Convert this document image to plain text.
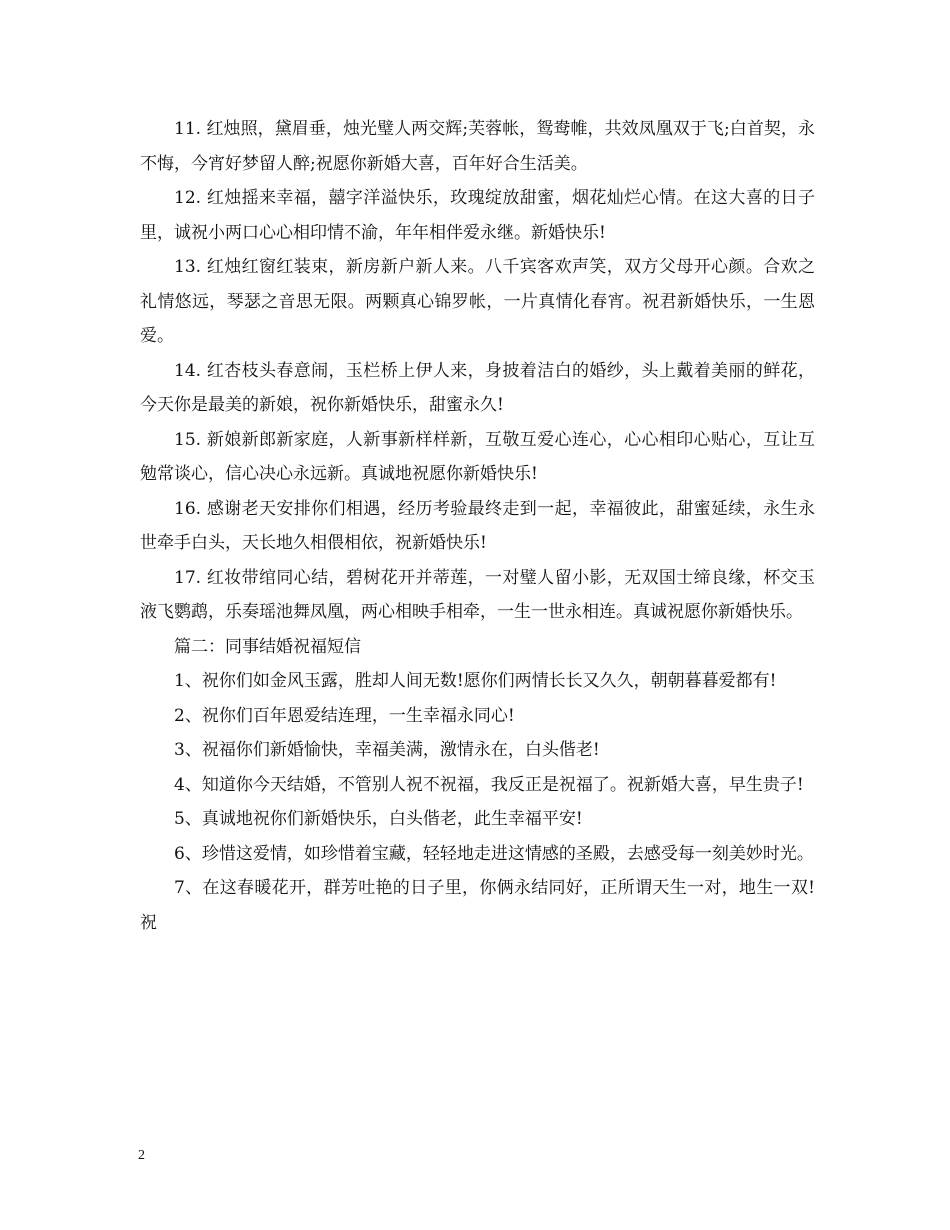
11. 红烛照，黛眉垂，烛光璧人两交辉;芙蓉帐，鸳鸯帷，共效凤凰双于飞;白首契，永不悔，今宵好梦留人醉;祝愿你新婚大喜，百年好合生活美。

12. 红烛摇来幸福，囍字洋溢快乐，玫瑰绽放甜蜜，烟花灿烂心情。在这大喜的日子里，诚祝小两口心心相印情不渝，年年相伴爱永继。新婚快乐!

13. 红烛红窗红装束，新房新户新人来。八千宾客欢声笑，双方父母开心颜。合欢之礼情悠远，琴瑟之音思无限。两颗真心锦罗帐，一片真情化春宵。祝君新婚快乐，一生恩爱。

14. 红杏枝头春意闹，玉栏桥上伊人来，身披着洁白的婚纱，头上戴着美丽的鲜花，今天你是最美的新娘，祝你新婚快乐，甜蜜永久!

15. 新娘新郎新家庭，人新事新样样新，互敬互爱心连心，心心相印心贴心，互让互勉常谈心，信心决心永远新。真诚地祝愿你新婚快乐!

16. 感谢老天安排你们相遇，经历考验最终走到一起，幸福彼此，甜蜜延续，永生永世牵手白头，天长地久相偎相依，祝新婚快乐!

17. 红妆带绾同心结，碧树花开并蒂莲，一对璧人留小影，无双国士缔良缘，杯交玉液飞鹦鹉，乐奏瑶池舞凤凰，两心相映手相牵，一生一世永相连。真诚祝愿你新婚快乐。

篇二：同事结婚祝福短信

1、祝你们如金风玉露，胜却人间无数!愿你们两情长长又久久，朝朝暮暮爱都有!

2、祝你们百年恩爱结连理，一生幸福永同心!

3、祝福你们新婚愉快，幸福美满，激情永在，白头偕老!

4、知道你今天结婚，不管别人祝不祝福，我反正是祝福了。祝新婚大喜，早生贵子!

5、真诚地祝你们新婚快乐，白头偕老，此生幸福平安!

6、珍惜这爱情，如珍惜着宝藏，轻轻地走进这情感的圣殿，去感受每一刻美妙时光。

7、在这春暖花开，群芳吐艳的日子里，你俩永结同好，正所谓天生一对，地生一双!祝

2
